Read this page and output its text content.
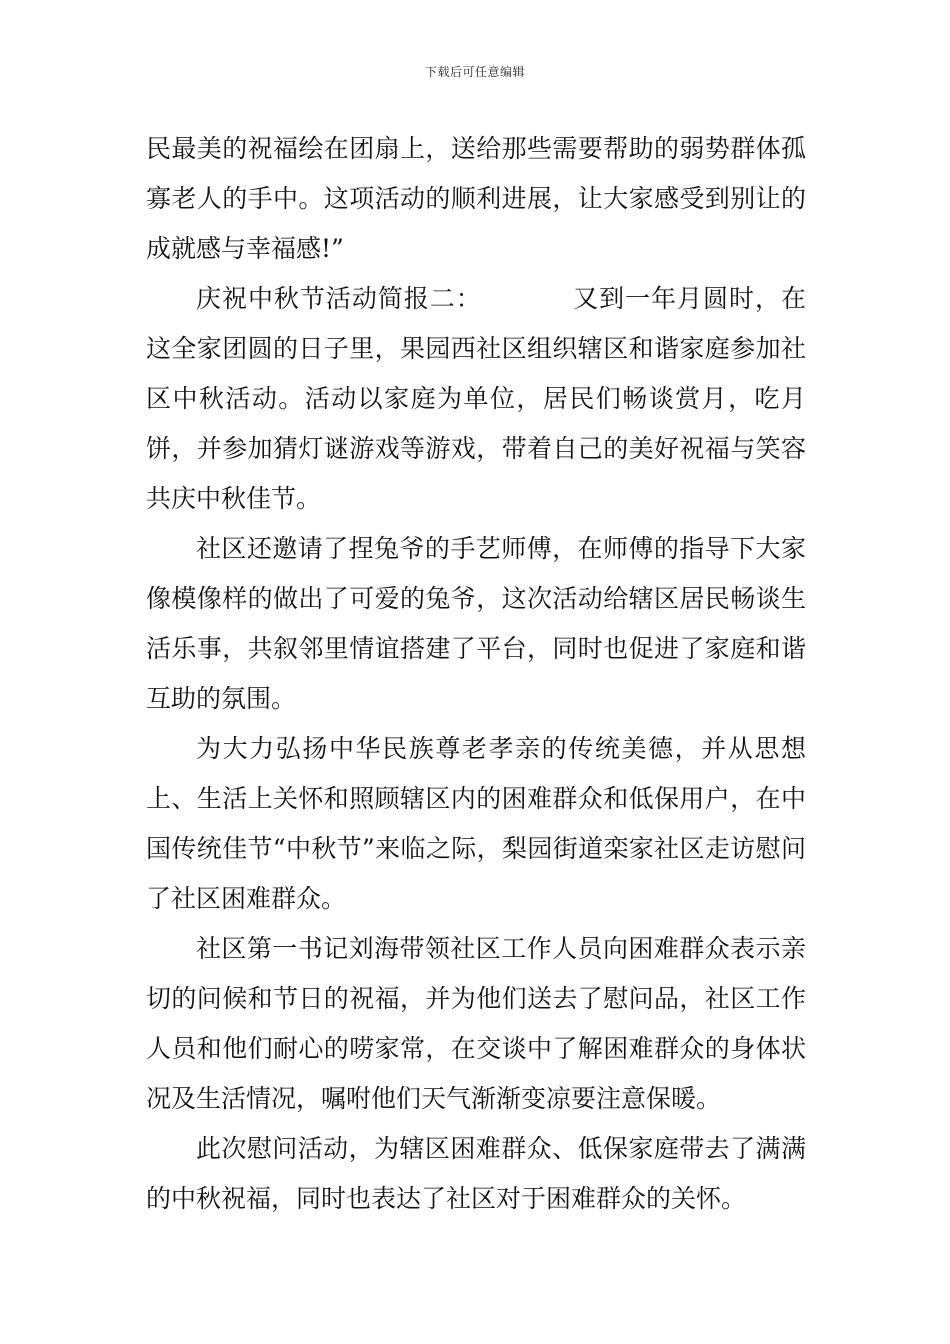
下载后可任意编辑

民最美的祝福绘在团扇上，送给那些需要帮助的弱势群体孤寡老人的手中。这项活动的顺利进展，让大家感受到别让的成就感与幸福感!”

庆祝中秋节活动简报二：　　　　又到一年月圆时，在这全家团圆的日子里，果园西社区组织辖区和谐家庭参加社区中秋活动。活动以家庭为单位，居民们畅谈赏月，吃月饼，并参加猜灯谜游戏等游戏，带着自己的美好祝福与笑容共庆中秋佳节。

社区还邀请了捏兔爷的手艺师傅，在师傅的指导下大家像模像样的做出了可爱的兔爷，这次活动给辖区居民畅谈生活乐事，共叙邻里情谊搭建了平台，同时也促进了家庭和谐互助的氛围。

为大力弘扬中华民族尊老孝亲的传统美德，并从思想上、生活上关怀和照顾辖区内的困难群众和低保用户，在中国传统佳节“中秋节”来临之际，梨园街道栾家社区走访慰问了社区困难群众。

社区第一书记刘海带领社区工作人员向困难群众表示亲切的问候和节日的祝福，并为他们送去了慰问品，社区工作人员和他们耐心的唠家常，在交谈中了解困难群众的身体状况及生活情况，嘱咐他们天气渐渐变凉要注意保暖。

此次慰问活动，为辖区困难群众、低保家庭带去了满满的中秋祝福，同时也表达了社区对于困难群众的关怀。
